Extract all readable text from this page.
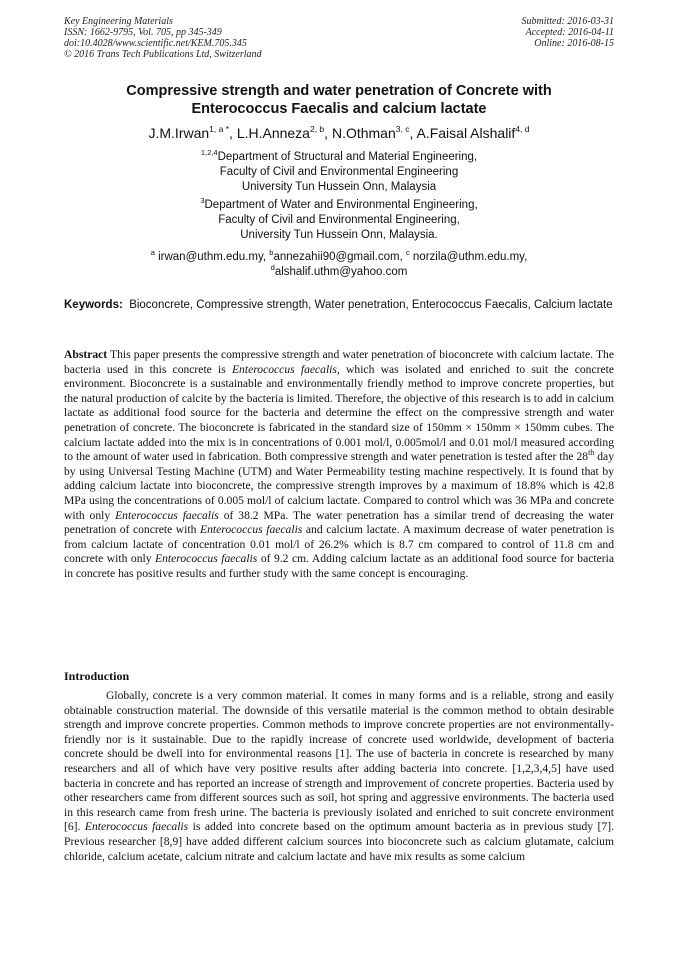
Key Engineering Materials
ISSN: 1662-9795, Vol. 705, pp 345-349
doi:10.4028/www.scientific.net/KEM.705.345
© 2016 Trans Tech Publications Ltd, Switzerland
Submitted: 2016-03-31
Accepted: 2016-04-11
Online: 2016-08-15
Compressive strength and water penetration of Concrete with
Enterococcus Faecalis and calcium lactate
J.M.Irwan$^{1, a *}$, L.H.Anneza$^{2, b}$, N.Othman$^{3, c}$, A.Faisal Alshalif$^{4, d}$
$^{1,2,4}$Department of Structural and Material Engineering,
Faculty of Civil and Environmental Engineering
University Tun Hussein Onn, Malaysia
$^3$Department of Water and Environmental Engineering,
Faculty of Civil and Environmental Engineering,
University Tun Hussein Onn, Malaysia.
$^a$ irwan@uthm.edu.my, $^b$annezahii90@gmail.com, $^c$ norzila@uthm.edu.my,
$^d$alshalif.uthm@yahoo.com
Keywords: Bioconcrete, Compressive strength, Water penetration, Enterococcus Faecalis, Calcium lactate
Abstract This paper presents the compressive strength and water penetration of bioconcrete with calcium lactate. The bacteria used in this concrete is Enterococcus faecalis, which was isolated and enriched to suit the concrete environment. Bioconcrete is a sustainable and environmentally friendly method to improve concrete properties, but the natural production of calcite by the bacteria is limited. Therefore, the objective of this research is to add in calcium lactate as additional food source for the bacteria and determine the effect on the compressive strength and water penetration of concrete. The bioconcrete is fabricated in the standard size of 150mm × 150mm × 150mm cubes. The calcium lactate added into the mix is in concentrations of 0.001 mol/l, 0.005mol/l and 0.01 mol/l measured according to the amount of water used in fabrication. Both compressive strength and water penetration is tested after the 28th day by using Universal Testing Machine (UTM) and Water Permeability testing machine respectively. It is found that by adding calcium lactate into bioconcrete, the compressive strength improves by a maximum of 18.8% which is 42.8 MPa using the concentrations of 0.005 mol/l of calcium lactate. Compared to control which was 36 MPa and concrete with only Enterococcus faecalis of 38.2 MPa. The water penetration has a similar trend of decreasing the water penetration of concrete with Enterococcus faecalis and calcium lactate. A maximum decrease of water penetration is from calcium lactate of concentration 0.01 mol/l of 26.2% which is 8.7 cm compared to control of 11.8 cm and concrete with only Enterococcus faecalis of 9.2 cm. Adding calcium lactate as an additional food source for bacteria in concrete has positive results and further study with the same concept is encouraging.
Introduction
Globally, concrete is a very common material. It comes in many forms and is a reliable, strong and easily obtainable construction material. The downside of this versatile material is the common method to obtain desirable strength and improve concrete properties. Common methods to improve concrete properties are not environmentally-friendly nor is it sustainable. Due to the rapidly increase of concrete used worldwide, development of bacteria concrete should be dwell into for environmental reasons [1]. The use of bacteria in concrete is researched by many researchers and all of which have very positive results after adding bacteria into concrete. [1,2,3,4,5] have used bacteria in concrete and has reported an increase of strength and improvement of concrete properties. Bacteria used by other researchers came from different sources such as soil, hot spring and aggressive environments. The bacteria used in this research came from fresh urine. The bacteria is previously isolated and enriched to suit concrete environment [6]. Enterococcus faecalis is added into concrete based on the optimum amount bacteria as in previous study [7]. Previous researcher [8,9] have added different calcium sources into bioconcrete such as calcium glutamate, calcium chloride, calcium acetate, calcium nitrate and calcium lactate and have mix results as some calcium
